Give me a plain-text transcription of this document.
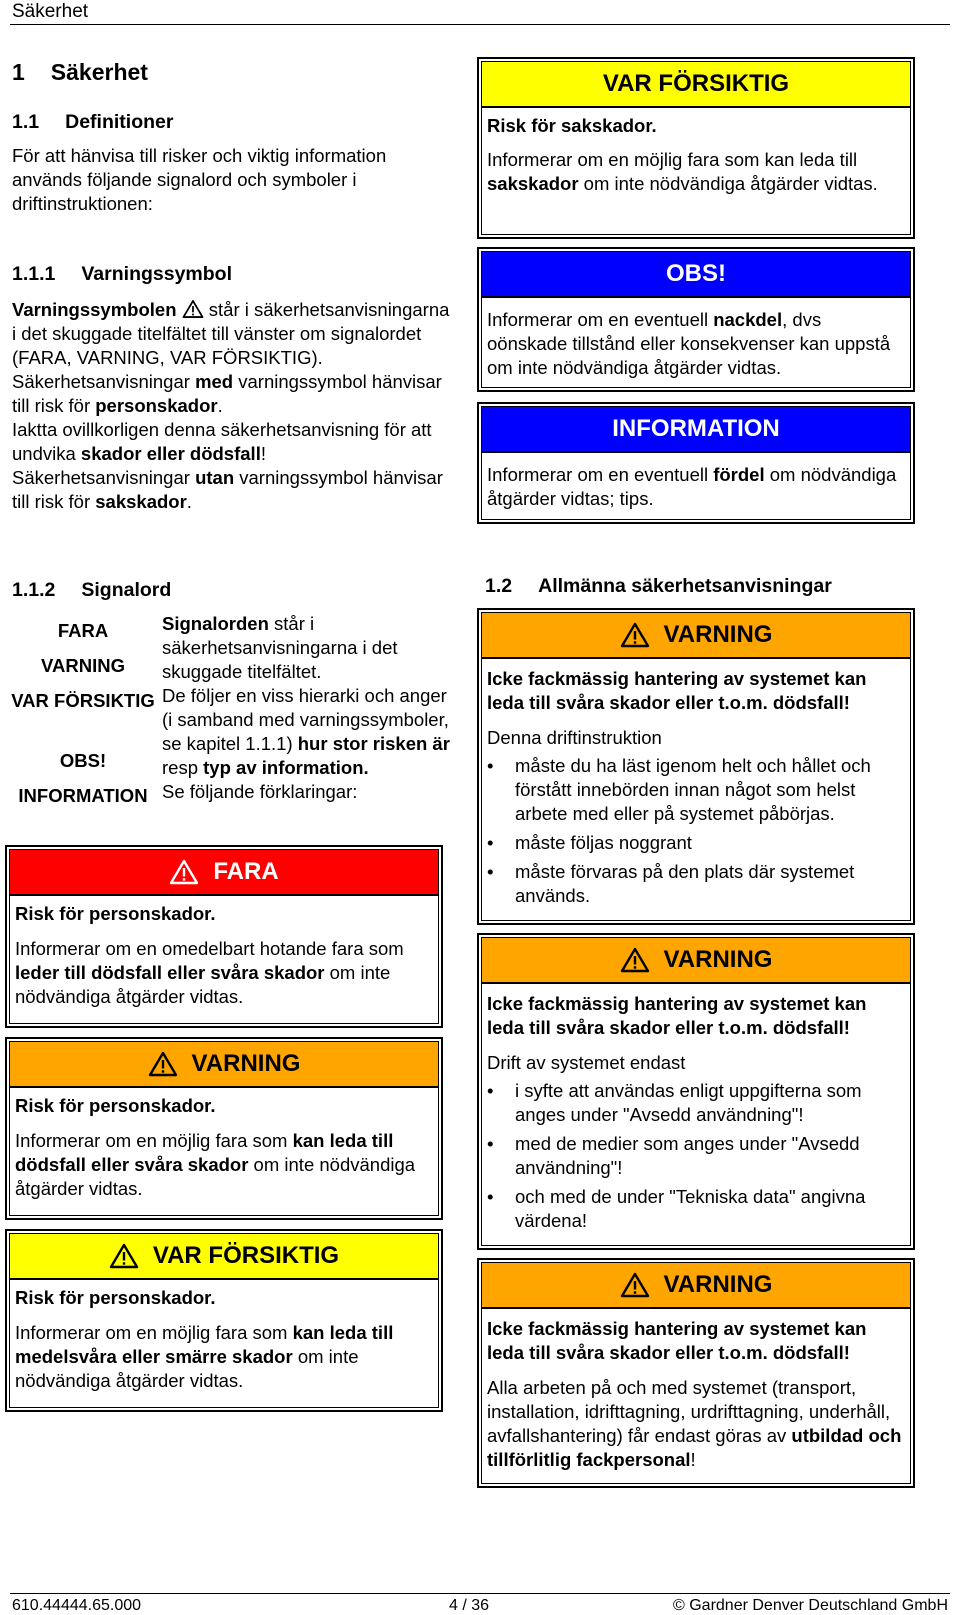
Säkerhet
1 Säkerhet
1.1 Definitioner

För att hänvisa till risker och viktig information används följande signalord och symboler i driftinstruktionen:

1.1.1 Varningssymbol

Varningssymbolen  står i säkerhetsanvisningarna i det skuggade titelfältet till vänster om signalordet (FARA, VARNING, VAR FÖRSIKTIG).

Säkerhetsanvisningar med varningssymbol hänvisar till risk för personskador.

Iaktta ovillkorligen denna säkerhetsanvisning för att undvika skador eller dödsfall!

Säkerhetsanvisningar utan varningssymbol hänvisar till risk för sakskador.

1.1.2 Signalord
FARA
VARNING
VAR FÖRSIKTIG
OBS!
INFORMATION

Signalorden står i säkerhetsanvisningarna i det skuggade titelfältet.
De följer en viss hierarki och anger (i samband med varningssymboler, se kapitel 1.1.1) hur stor risken är resp typ av information.
Se följande förklaringar:

FARA

Risk för personskador.

Informerar om en omedelbart hotande fara som leder till dödsfall eller svåra skador om inte nödvändiga åtgärder vidtas.

VARNING

Risk för personskador.

Informerar om en möjlig fara som kan leda till dödsfall eller svåra skador om inte nödvändiga åtgärder vidtas.

VAR FÖRSIKTIG

Risk för personskador.

Informerar om en möjlig fara som kan leda till medelsvåra eller smärre skador om inte nödvändiga åtgärder vidtas.

VAR FÖRSIKTIG

Risk för sakskador.

Informerar om en möjlig fara som kan leda till sakskador om inte nödvändiga åtgärder vidtas.

OBS!

Informerar om en eventuell nackdel, dvs oönskade tillstånd eller konsekvenser kan uppstå om inte nödvändiga åtgärder vidtas.

INFORMATION

Informerar om en eventuell fördel om nödvändiga åtgärder vidtas; tips.

1.2 Allmänna säkerhetsanvisningar
VARNING

Icke fackmässig hantering av systemet kan leda till svåra skador eller t.o.m. dödsfall!

Denna driftinstruktion

• måste du ha läst igenom helt och hållet och förstått innebörden innan något som helst arbete med eller på systemet påbörjas.
• måste följas noggrant
• måste förvaras på den plats där systemet används.
VARNING

Icke fackmässig hantering av systemet kan leda till svåra skador eller t.o.m. dödsfall!

Drift av systemet endast

• i syfte att användas enligt uppgifterna som anges under "Avsedd användning"!
• med de medier som anges under "Avsedd användning"!
• och med de under "Tekniska data" angivna värdena!
VARNING

Icke fackmässig hantering av systemet kan leda till svåra skador eller t.o.m. dödsfall!

Alla arbeten på och med systemet (transport, installation, idrifttagning, urdrifttagning, underhåll, avfallshantering) får endast göras av utbildad och tillförlitlig fackpersonal!

610.44444.65.000	4 / 36	© Gardner Denver Deutschland GmbH
